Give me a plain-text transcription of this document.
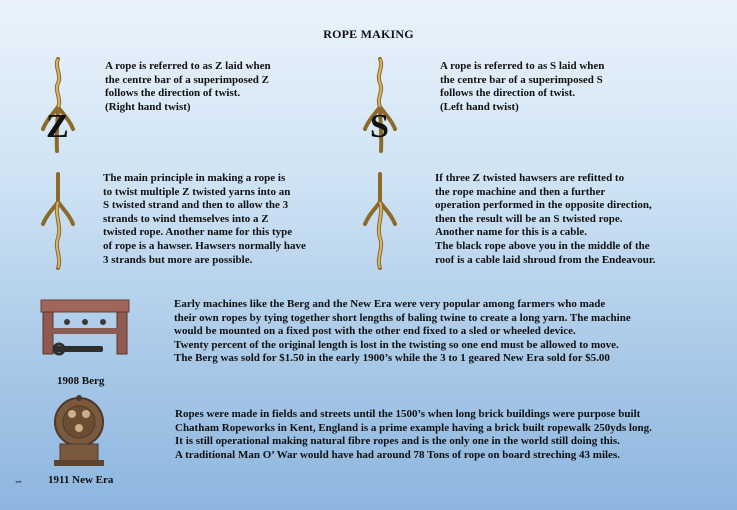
ROPE MAKING
Z	S
A rope is referred to as Z laid when
the centre bar of a superimposed Z
follows the direction of twist.
(Right hand twist)
A rope is referred to as S laid when
the centre bar of a superimposed S
follows the direction of twist.
(Left hand twist)
The main principle in making a rope is
to twist multiple Z twisted yarns into an
S twisted strand and then to allow the 3
strands to wind themselves into a Z
twisted rope. Another name for this type
of rope is a hawser. Hawsers normally have
3 strands but more are possible.
If three Z twisted hawsers are refitted to
the rope machine and then a further
operation performed in the opposite direction,
then the result will be an S twisted rope.
Another name for this is a cable.
The black rope above you in the middle of the
roof is a cable laid shroud from the Endeavour.
1908 Berg
1911 New Era
Early machines like the Berg and the New Era were very popular among farmers who made
their own ropes by tying together short lengths of baling twine to create a long yarn. The machine
would be mounted on a fixed post with the other end fixed to a sled or wheeled device.
Twenty percent of the original length is lost in the twisting so one end must be allowed to move.
The Berg was sold for $1.50 in the early 1900’s while the 3 to 1 geared New Era sold for $5.00
Ropes were made in fields and streets until the 1500’s when long brick buildings were purpose built
Chatham Ropeworks in Kent, England is a prime example having a brick built ropewalk 250yds long.
It is still operational making natural fibre ropes and is the only one in the world still doing this.
A traditional Man O’ War would have had around 78 Tons of rope on board streching 43 miles.
1
